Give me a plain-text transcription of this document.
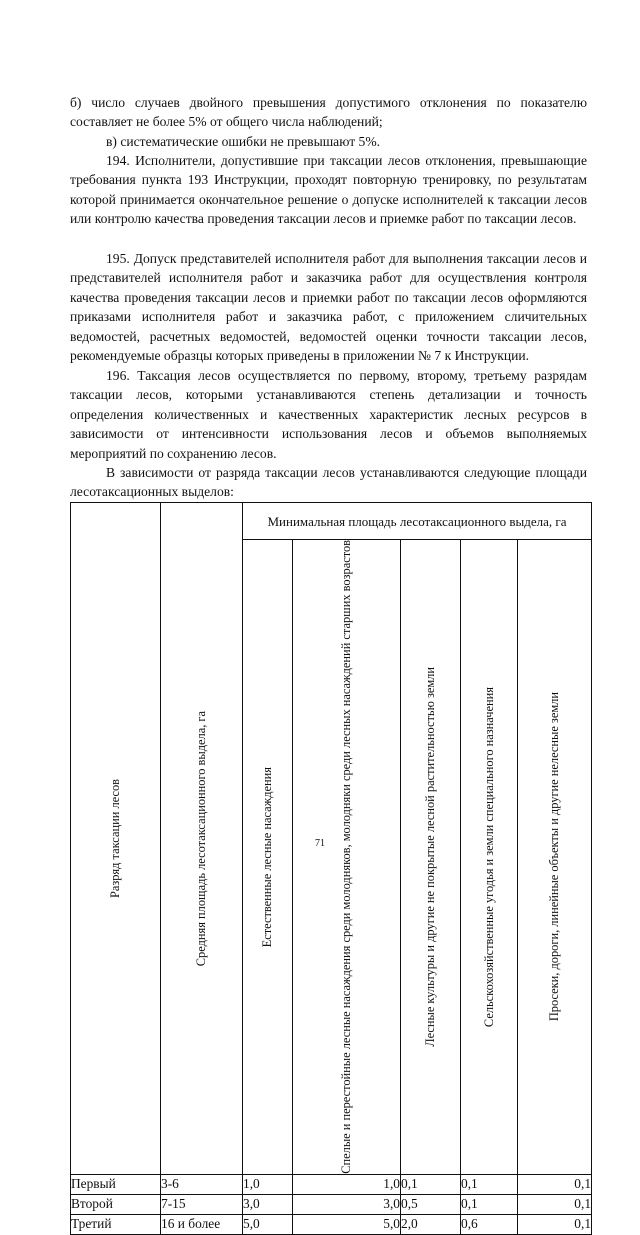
б) число случаев двойного превышения допустимого отклонения по показателю составляет не более 5% от общего числа наблюдений;

в) систематические ошибки не превышают 5%.

194. Исполнители, допустившие при таксации лесов отклонения, превышающие требования пункта 193 Инструкции, проходят повторную тренировку, по результатам которой принимается окончательное решение о допуске исполнителей к таксации лесов или контролю качества проведения таксации лесов и приемке работ по таксации лесов.

195. Допуск представителей исполнителя работ для выполнения таксации лесов и представителей исполнителя работ и заказчика работ для осуществления контроля качества проведения таксации лесов и приемки работ по таксации лесов оформляются приказами исполнителя работ и заказчика работ, с приложением сличительных ведомостей, расчетных ведомостей, ведомостей оценки точности таксации лесов, рекомендуемые образцы которых приведены в приложении № 7 к Инструкции.

196. Таксация лесов осуществляется по первому, второму, третьему разрядам таксации лесов, которыми устанавливаются степень детализации и точность определения количественных и качественных характеристик лесных ресурсов в зависимости от интенсивности использования лесов и объемов выполняемых мероприятий по сохранению лесов.

В зависимости от разряда таксации лесов устанавливаются следующие площади лесотаксационных выделов:

Разряд таксации лесов	Средняя площадь лесотаксационного выдела, га	Минимальная площадь лесотаксационного выдела, га				

		Естественные лесные насаждения	Спелые и перестойные лесные насаждения среди молодняков, молодняки среди лесных насаждений старших возрастов	Лесные культуры и другие не покрытые лесной растительностью земли	Сельскохозяйственные угодья и земли специального назначения	Просеки, дороги, линейные объекты и другие нелесные земли

Первый	3-6	1,0	1,0	0,1	0,1	0,1
Второй	7-15	3,0	3,0	0,5	0,1	0,1
Третий	16 и более	5,0	5,0	2,0	0,6	0,1
71
